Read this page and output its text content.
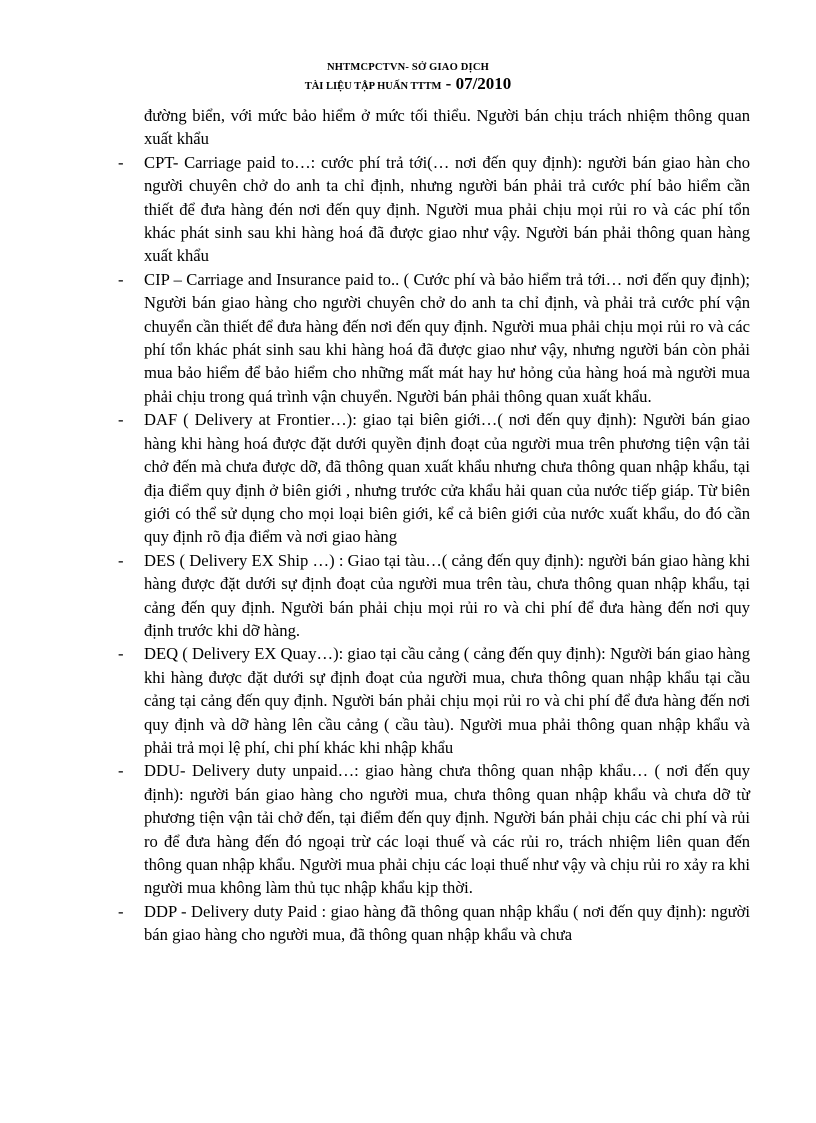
NHTMCPCTVN- SỞ GIAO DỊCH
TÀI LIỆU TẬP HUẤN TTTM - 07/2010
đường biển, với mức bảo hiểm ở mức tối thiểu. Người bán chịu trách nhiệm thông quan xuất khẩu
- CPT- Carriage paid to…: cước phí trả tới(… nơi đến quy định): người bán giao hàn cho người chuyên chở do anh ta chỉ định, nhưng người bán phải trả cước phí bảo hiểm cần thiết để đưa hàng đén nơi đến quy định. Người mua phải chịu mọi rủi ro và các phí tổn khác phát sinh sau khi hàng hoá đã được giao như vậy. Người bán phải thông quan hàng xuất khẩu
- CIP – Carriage and Insurance paid to.. ( Cước phí và bảo hiểm trả tới… nơi đến quy định); Người bán giao hàng cho người chuyên chở do anh ta chỉ định, và phải trả cước phí vận chuyển cần thiết để đưa hàng đến nơi đến quy định. Người mua phải chịu mọi rủi ro và các phí tổn khác phát sinh sau khi hàng hoá đã được giao như vậy, nhưng người bán còn phải mua bảo hiểm để bảo hiểm cho những mất mát hay hư hỏng của hàng hoá mà người mua phải chịu trong quá trình vận chuyển. Người bán phải thông quan xuất khẩu.
- DAF ( Delivery at Frontier…): giao tại biên giới…( nơi đến quy định): Người bán giao hàng khi hàng hoá được đặt dưới quyền định đoạt của người mua trên phương tiện vận tải chở đến mà chưa được dỡ, đã thông quan xuất khẩu nhưng chưa thông quan nhập khẩu, tại địa điểm quy định ở biên giới , nhưng trước cửa khẩu hải quan của nước tiếp giáp. Từ biên giới có thể sử dụng cho mọi loại biên giới, kể cả biên giới của nước xuất khẩu, do đó cần quy định rõ địa điểm và nơi giao hàng
- DES ( Delivery EX Ship …) : Giao tại tàu…( cảng đến quy định): người bán giao hàng khi hàng được đặt dưới sự định đoạt của người mua trên tàu, chưa thông quan nhập khẩu, tại cảng đến quy định. Người bán phải chịu mọi rủi ro và chi phí để đưa hàng đến nơi quy định trước khi dỡ hàng.
- DEQ ( Delivery EX Quay…): giao tại cầu cảng ( cảng đến quy định): Người bán giao hàng khi hàng được đặt dưới sự định đoạt của người mua, chưa thông quan nhập khẩu tại cầu cảng tại cảng đến quy định. Người bán phải chịu mọi rủi ro và chi phí để đưa hàng đến nơi quy định và dỡ hàng lên cầu cảng ( cầu tàu). Người mua phải thông quan nhập khẩu và phải trả mọi lệ phí, chi phí khác khi nhập khẩu
- DDU- Delivery duty unpaid…: giao hàng chưa thông quan nhập khẩu… ( nơi đến quy định): người bán giao hàng cho người mua, chưa thông quan nhập khẩu và chưa dỡ từ phương tiện vận tải chở đến, tại điểm đến quy định. Người bán phải chịu các chi phí và rủi ro để đưa hàng đến đó ngoại trừ các loại thuế và các rủi ro, trách nhiệm liên quan đến thông quan nhập khẩu. Người mua phải chịu các loại thuế như vậy và chịu rủi ro xảy ra khi người mua không làm thủ tục nhập khẩu kịp thời.
- DDP - Delivery duty Paid : giao hàng đã thông quan nhập khẩu ( nơi đến quy định): người bán giao hàng cho người mua, đã thông quan nhập khẩu và chưa
